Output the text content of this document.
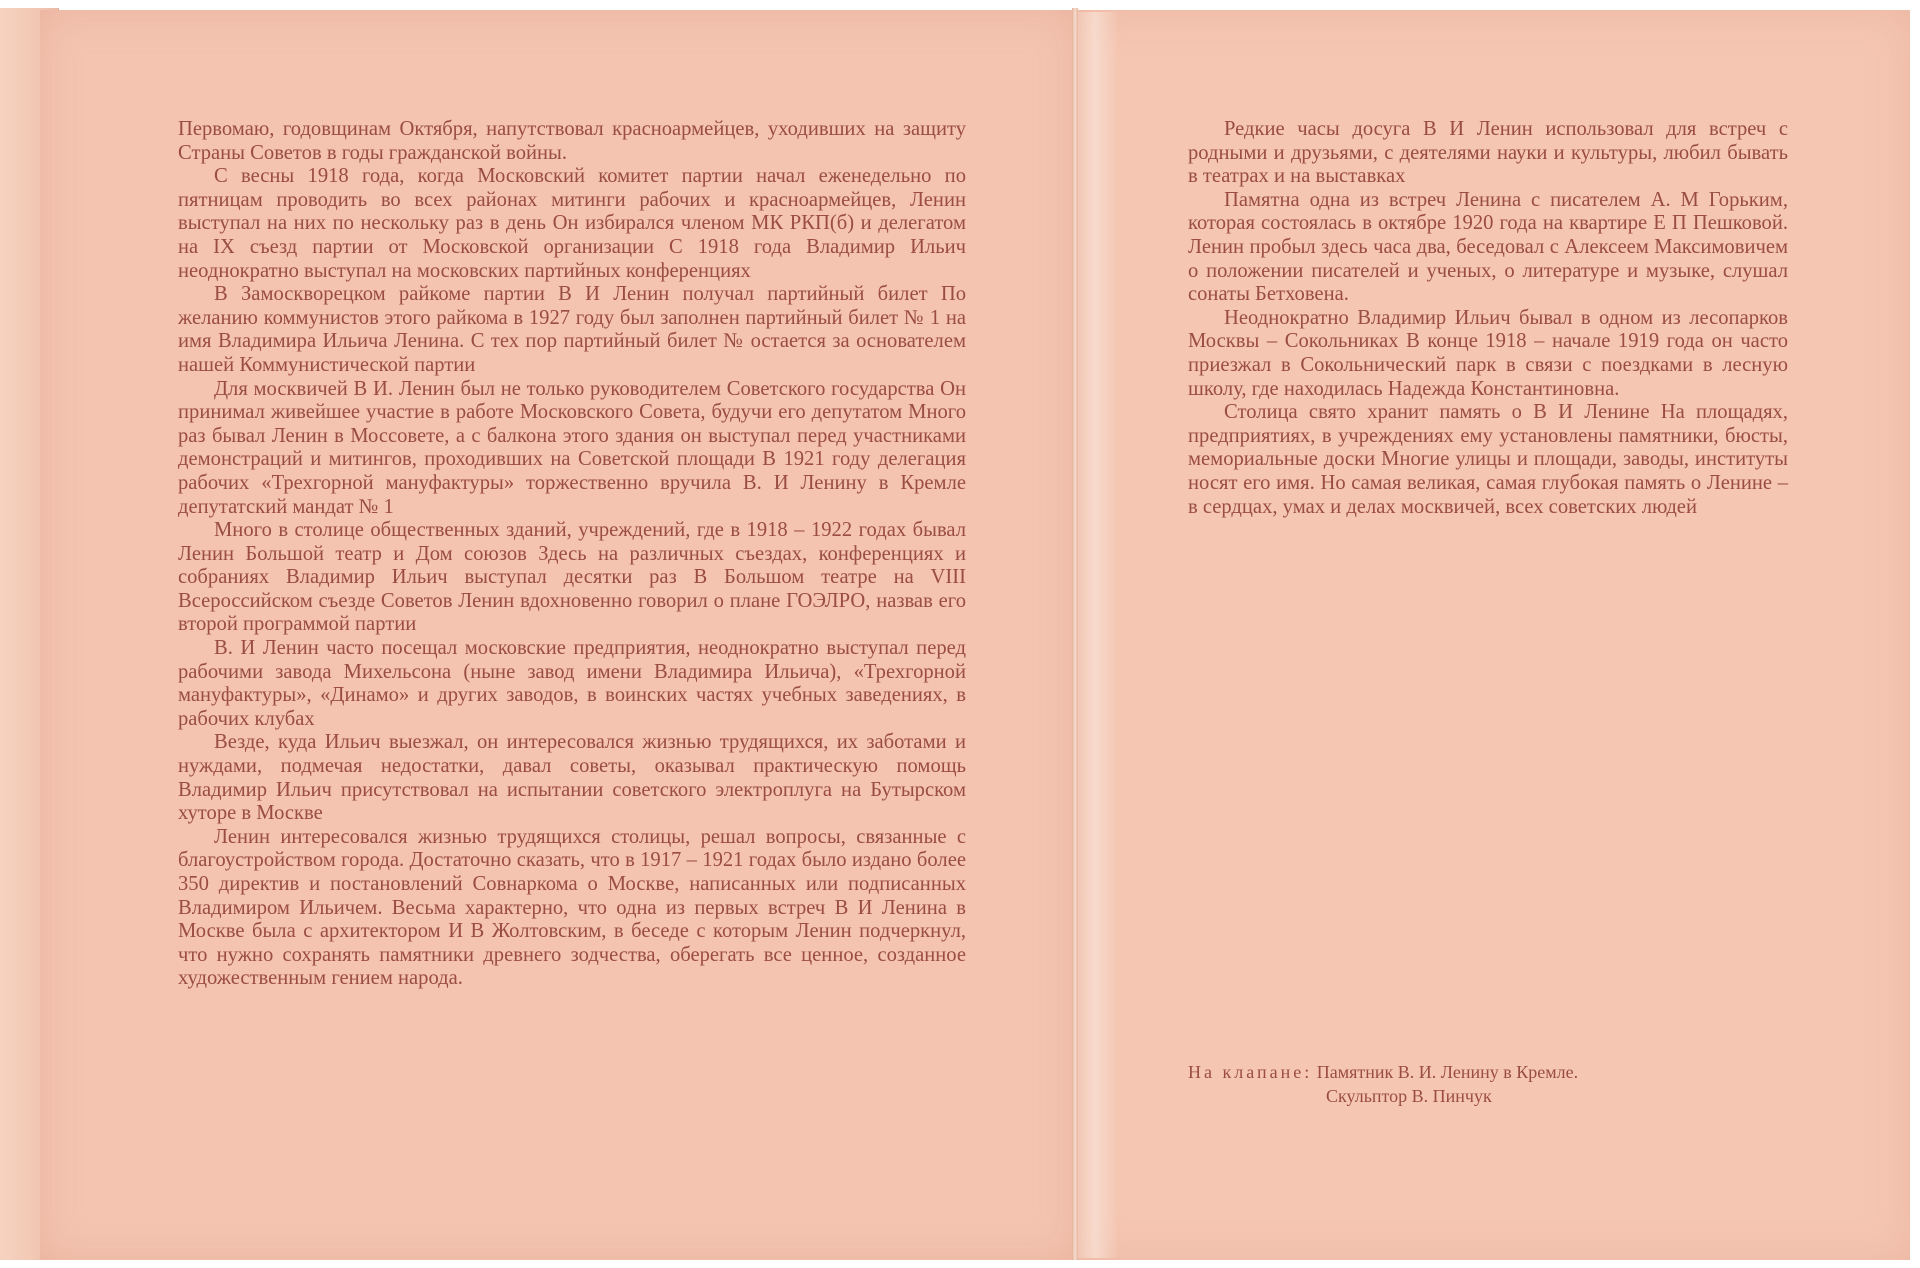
Первомаю, годовщинам Октября, напутствовал красноармейцев, уходивших на защиту Страны Советов в годы гражданской войны.

С весны 1918 года, когда Московский комитет партии начал еженедельно по пятницам проводить во всех районах митинги рабочих и красноармейцев, Ленин выступал на них по нескольку раз в день Он избирался членом МК РКП(б) и делегатом на IX съезд партии от Московской организации С 1918 года Владимир Ильич неоднократно выступал на московских партийных конференциях

В Замоскворецком райкоме партии В И Ленин получал партийный билет По желанию коммунистов этого райкома в 1927 году был заполнен партийный билет № 1 на имя Владимира Ильича Ленина. С тех пор партийный билет № остается за основателем нашей Коммунистической партии

Для москвичей В И. Ленин был не только руководителем Советского государства Он принимал живейшее участие в работе Московского Совета, будучи его депутатом Много раз бывал Ленин в Моссовете, а с балкона этого здания он выступал перед участниками демонстраций и митингов, проходивших на Советской площади В 1921 году делегация рабочих «Трехгорной мануфактуры» торжественно вручила В. И Ленину в Кремле депутатский мандат № 1

Много в столице общественных зданий, учреждений, где в 1918 – 1922 годах бывал Ленин Большой театр и Дом союзов Здесь на различных съездах, конференциях и собраниях Владимир Ильич выступал десятки раз В Большом театре на VIII Всероссийском съезде Советов Ленин вдохновенно говорил о плане ГОЭЛРО, назвав его второй программой партии

В. И Ленин часто посещал московские предприятия, неоднократно выступал перед рабочими завода Михельсона (ныне завод имени Владимира Ильича), «Трехгорной мануфактуры», «Динамо» и других заводов, в воинских частях учебных заведениях, в рабочих клубах

Везде, куда Ильич выезжал, он интересовался жизнью трудящихся, их заботами и нуждами, подмечая недостатки, давал советы, оказывал практическую помощь Владимир Ильич присутствовал на испытании советского электроплуга на Бутырском хуторе в Москве

Ленин интересовался жизнью трудящихся столицы, решал вопросы, связанные с благоустройством города. Достаточно сказать, что в 1917 – 1921 годах было издано более 350 директив и постановлений Совнаркома о Москве, написанных или подписанных Владимиром Ильичем. Весьма характерно, что одна из первых встреч В И Ленина в Москве была с архитектором И В Жолтовским, в беседе с которым Ленин подчеркнул, что нужно сохранять памятники древнего зодчества, оберегать все ценное, созданное художественным гением народа.

Редкие часы досуга В И Ленин использовал для встреч с родными и друзьями, с деятелями науки и культуры, любил бывать в театрах и на выставках

Памятна одна из встреч Ленина с писателем А. М Горьким, которая состоялась в октябре 1920 года на квартире Е П Пешковой. Ленин пробыл здесь часа два, беседовал с Алексеем Максимовичем о положении писателей и ученых, о литературе и музыке, слушал сонаты Бетховена.

Неоднократно Владимир Ильич бывал в одном из лесопарков Москвы – Сокольниках В конце 1918 – начале 1919 года он часто приезжал в Сокольнический парк в связи с поездками в лесную школу, где находилась Надежда Константиновна.

Столица свято хранит память о В И Ленине На площадях, предприятиях, в учреждениях ему установлены памятники, бюсты, мемориальные доски Многие улицы и площади, заводы, институты носят его имя. Но самая великая, самая глубокая память о Ленине – в сердцах, умах и делах москвичей, всех советских людей

На клапане: Памятник В. И. Ленину в Кремле.
Скульптор В. Пинчук
